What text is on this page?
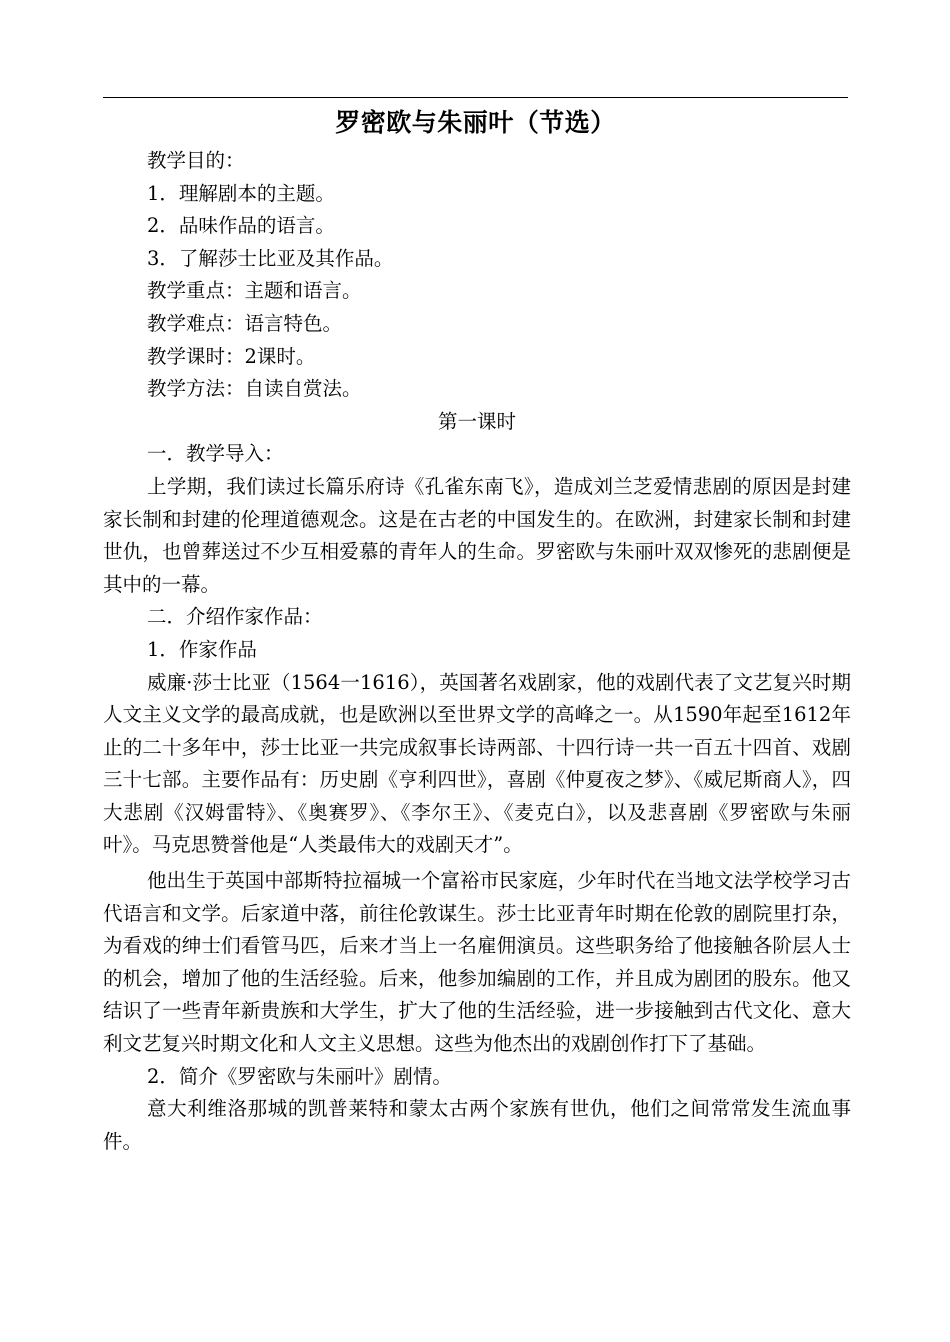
罗密欧与朱丽叶（节选）

教学目的：

1．理解剧本的主题。

2．品味作品的语言。

3．了解莎士比亚及其作品。

教学重点：主题和语言。

教学难点：语言特色。

教学课时：2课时。

教学方法：自读自赏法。

第一课时

一．教学导入：

上学期，我们读过长篇乐府诗《孔雀东南飞》，造成刘兰芝爱情悲剧的原因是封建家长制和封建的伦理道德观念。这是在古老的中国发生的。在欧洲，封建家长制和封建世仇，也曾葬送过不少互相爱慕的青年人的生命。罗密欧与朱丽叶双双惨死的悲剧便是其中的一幕。

二．介绍作家作品：

1．作家作品

威廉·莎士比亚（1564一1616），英国著名戏剧家，他的戏剧代表了文艺复兴时期人文主义文学的最高成就，也是欧洲以至世界文学的高峰之一。从1590年起至1612年止的二十多年中，莎士比亚一共完成叙事长诗两部、十四行诗一共一百五十四首、戏剧三十七部。主要作品有：历史剧《亨利四世》，喜剧《仲夏夜之梦》、《威尼斯商人》，四大悲剧《汉姆雷特》、《奥赛罗》、《李尔王》、《麦克白》，以及悲喜剧《罗密欧与朱丽叶》。马克思赞誉他是“人类最伟大的戏剧天才”。

他出生于英国中部斯特拉福城一个富裕市民家庭，少年时代在当地文法学校学习古代语言和文学。后家道中落，前往伦敦谋生。莎士比亚青年时期在伦敦的剧院里打杂，为看戏的绅士们看管马匹，后来才当上一名雇佣演员。这些职务给了他接触各阶层人士的机会，增加了他的生活经验。后来，他参加编剧的工作，并且成为剧团的股东。他又结识了一些青年新贵族和大学生，扩大了他的生活经验，进一步接触到古代文化、意大利文艺复兴时期文化和人文主义思想。这些为他杰出的戏剧创作打下了基础。

2．简介《罗密欧与朱丽叶》剧情。

意大利维洛那城的凯普莱特和蒙太古两个家族有世仇，他们之间常常发生流血事件。
